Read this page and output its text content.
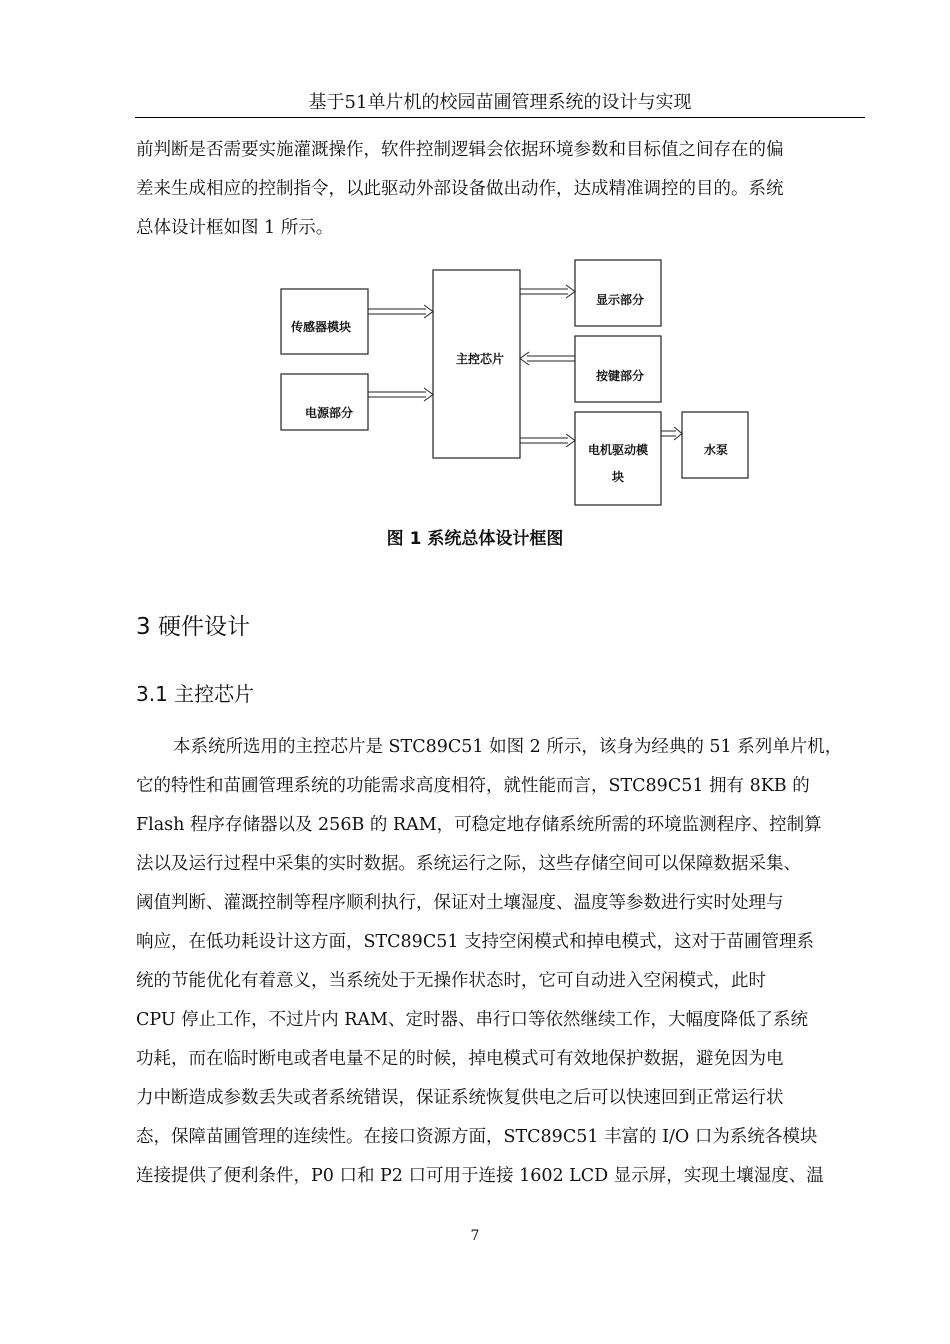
基于51单片机的校园苗圃管理系统的设计与实现
前判断是否需要实施灌溉操作，软件控制逻辑会依据环境参数和目标值之间存在的偏
差来生成相应的控制指令，以此驱动外部设备做出动作，达成精准调控的目的。系统
总体设计框如图 1 所示。
传感器模块
电源部分
主控芯片
显示部分
按键部分
电机驱动模
块
水泵
图 1 系统总体设计框图
3 硬件设计
3.1 主控芯片
本系统所选用的主控芯片是 STC89C51 如图 2 所示，该身为经典的 51 系列单片机，
它的特性和苗圃管理系统的功能需求高度相符，就性能而言，STC89C51 拥有 8KB 的
Flash 程序存储器以及 256B 的 RAM，可稳定地存储系统所需的环境监测程序、控制算
法以及运行过程中采集的实时数据。系统运行之际，这些存储空间可以保障数据采集、
阈值判断、灌溉控制等程序顺利执行，保证对土壤湿度、温度等参数进行实时处理与
响应，在低功耗设计这方面，STC89C51 支持空闲模式和掉电模式，这对于苗圃管理系
统的节能优化有着意义，当系统处于无操作状态时，它可自动进入空闲模式，此时
CPU 停止工作，不过片内 RAM、定时器、串行口等依然继续工作，大幅度降低了系统
功耗，而在临时断电或者电量不足的时候，掉电模式可有效地保护数据，避免因为电
力中断造成参数丢失或者系统错误，保证系统恢复供电之后可以快速回到正常运行状
态，保障苗圃管理的连续性。在接口资源方面，STC89C51 丰富的 I/O 口为系统各模块
连接提供了便利条件，P0 口和 P2 口可用于连接 1602 LCD 显示屏，实现土壤湿度、温
7
